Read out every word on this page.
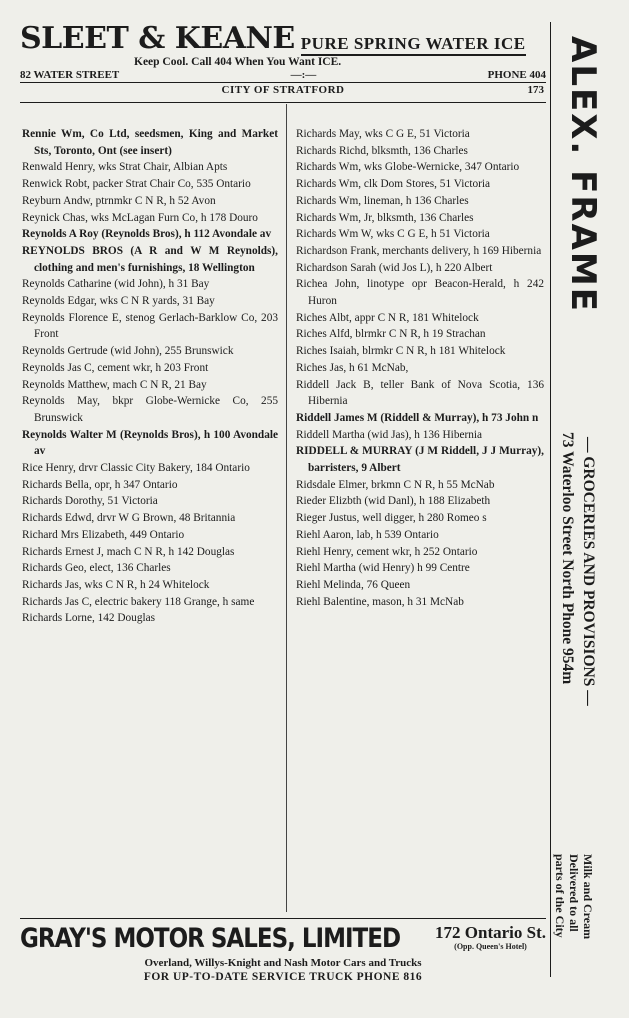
SLEET & KEANE PURE SPRING WATER ICE
Keep Cool. Call 404 When You Want ICE.
82 WATER STREET	—:—	PHONE 404
CITY OF STRATFORD	173
Rennie Wm, Co Ltd, seedsmen, King and Market Sts, Toronto, Ont (see insert)
Renwald Henry, wks Strat Chair, Albian Apts
Renwick Robt, packer Strat Chair Co, 535 Ontario
Reyburn Andw, ptrnmkr C N R, h 52 Avon
Reynick Chas, wks McLagan Furn Co, h 178 Douro
Reynolds A Roy (Reynolds Bros), h 112 Avondale av
REYNOLDS BROS (A R and W M Reynolds), clothing and men's furnishings, 18 Wellington
Reynolds Catharine (wid John), h 31 Bay
Reynolds Edgar, wks C N R yards, 31 Bay
Reynolds Florence E, stenog Gerlach-Barklow Co, 203 Front
Reynolds Gertrude (wid John), 255 Brunswick
Reynolds Jas C, cement wkr, h 203 Front
Reynolds Matthew, mach C N R, 21 Bay
Reynolds May, bkpr Globe-Wernicke Co, 255 Brunswick
Reynolds Walter M (Reynolds Bros), h 100 Avondale av
Rice Henry, drvr Classic City Bakery, 184 Ontario
Richards Bella, opr, h 347 Ontario
Richards Dorothy, 51 Victoria
Richards Edwd, drvr W G Brown, 48 Britannia
Richard Mrs Elizabeth, 449 Ontario
Richards Ernest J, mach C N R, h 142 Douglas
Richards Geo, elect, 136 Charles
Richards Jas, wks C N R, h 24 Whitelock
Richards Jas C, electric bakery 118 Grange, h same
Richards Lorne, 142 Douglas
Richards May, wks C G E, 51 Victoria
Richards Richd, blksmth, 136 Charles
Richards Wm, wks Globe-Wernicke, 347 Ontario
Richards Wm, clk Dom Stores, 51 Victoria
Richards Wm, lineman, h 136 Charles
Richards Wm, Jr, blksmth, 136 Charles
Richards Wm W, wks C G E, h 51 Victoria
Richardson Frank, merchants delivery, h 169 Hibernia
Richardson Sarah (wid Jos L), h 220 Albert
Richea John, linotype opr Beacon-Herald, h 242 Huron
Riches Albt, appr C N R, 181 Whitelock
Riches Alfd, blrmkr C N R, h 19 Strachan
Riches Isaiah, blrmkr C N R, h 181 Whitelock
Riches Jas, h 61 McNab,
Riddell Jack B, teller Bank of Nova Scotia, 136 Hibernia
Riddell James M (Riddell & Murray), h 73 John n
Riddell Martha (wid Jas), h 136 Hibernia
RIDDELL & MURRAY (J M Riddell, J J Murray), barristers, 9 Albert
Ridsdale Elmer, brkmn C N R, h 55 McNab
Rieder Elizbth (wid Danl), h 188 Elizabeth
Rieger Justus, well digger, h 280 Romeo s
Riehl Aaron, lab, h 539 Ontario
Riehl Henry, cement wkr, h 252 Ontario
Riehl Martha (wid Henry) h 99 Centre
Riehl Melinda, 76 Queen
Riehl Balentine, mason, h 31 McNab
ALEX. FRAME
— GROCERIES AND PROVISIONS —
73 Waterloo Street North Phone 954m
Milk and Cream
Delivered to all
parts of the City
GRAY'S MOTOR SALES, LIMITED 172 Ontario St.
(Opp. Queen's Hotel)
Overland, Willys-Knight and Nash Motor Cars and Trucks
FOR UP-TO-DATE SERVICE TRUCK PHONE 816
